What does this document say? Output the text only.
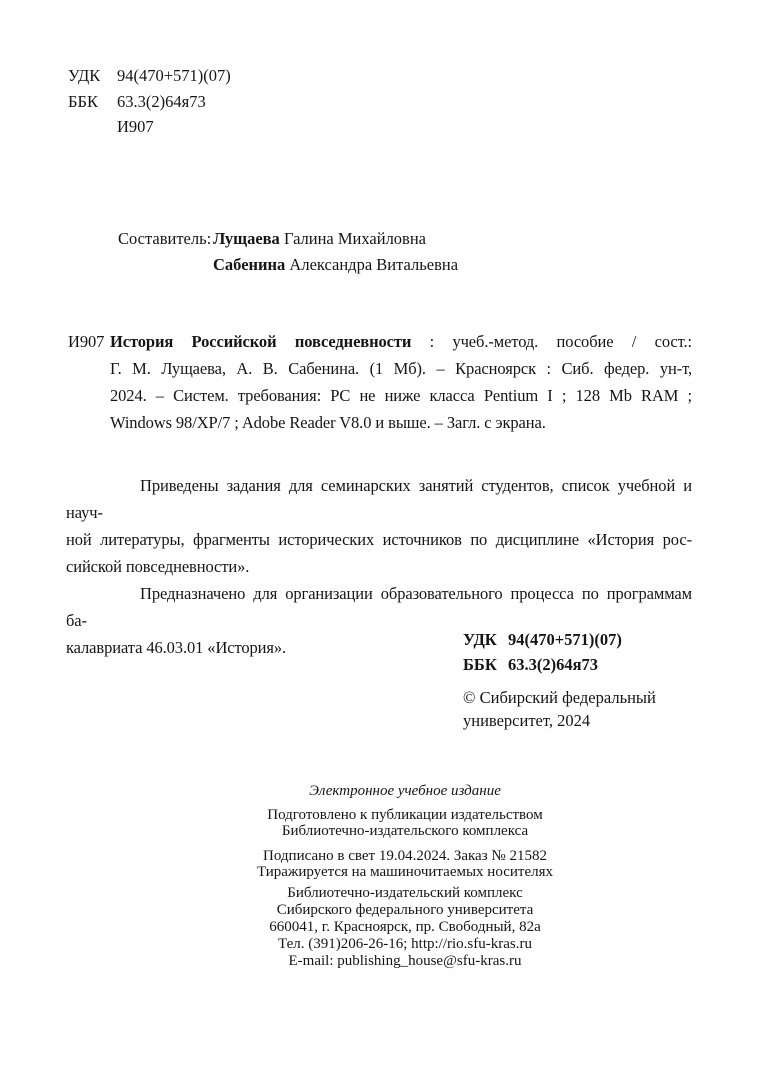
УДК	94(470+571)(07)
ББК	63.3(2)64я73
И907
Составитель: Лущаева Галина Михайловна
Сабенина Александра Витальевна
И907 История Российской повседневности : учеб.-метод. пособие / сост.:
Г. М. Лущаева, А. В. Сабенина. (1 Мб). – Красноярск : Сиб. федер. ун-т,
2024. – Систем. требования: PC не ниже класса Pentium I ; 128 Mb RAM ;
Windows 98/XP/7 ; Adobe Reader V8.0 и выше. – Загл. с экрана.
Приведены задания для семинарских занятий студентов, список учебной и науч-
ной литературы, фрагменты исторических источников по дисциплине «История рос-
сийской повседневности».
Предназначено для организации образовательного процесса по программам ба-
калавриата 46.03.01 «История».	УДК 94(470+571)(07)
ББК 63.3(2)64я73
© Сибирский федеральный
университет, 2024
Электронное учебное издание
Подготовлено к публикации издательством
Библиотечно-издательского комплекса
Подписано в свет 19.04.2024. Заказ № 21582
Тиражируется на машиночитаемых носителях
Библиотечно-издательский комплекс
Сибирского федерального университета
660041, г. Красноярск, пр. Свободный, 82а
Тел. (391)206-26-16; http://rio.sfu-kras.ru
E-mail: publishing_house@sfu-kras.ru
